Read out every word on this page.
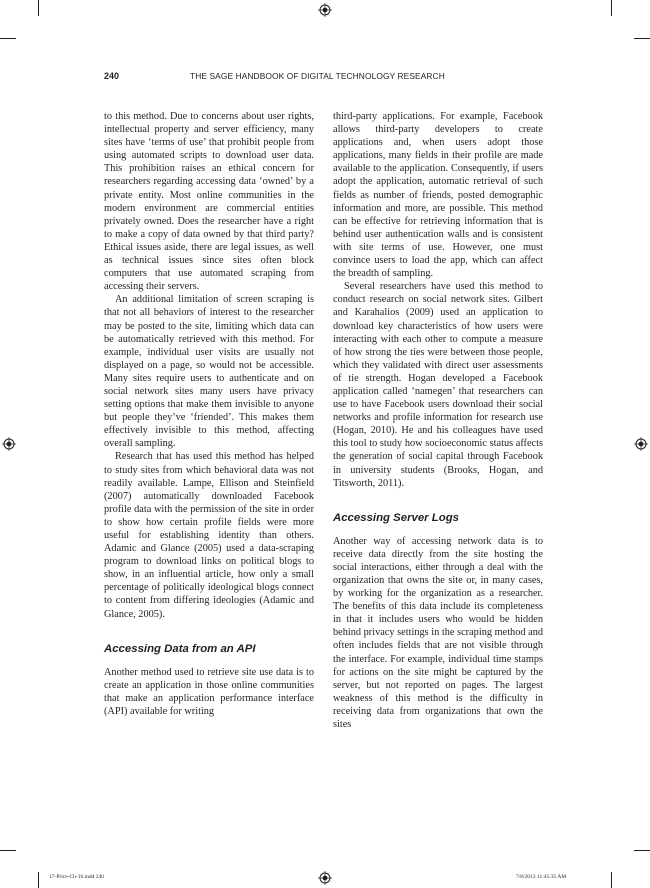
240	THE SAGE HANDBOOK OF DIGITAL TECHNOLOGY RESEARCH

to this method. Due to concerns about user rights, intellectual property and server efficiency, many sites have ‘terms of use’ that prohibit people from using automated scripts to download user data. This prohibition raises an ethical concern for researchers regarding accessing data ‘owned’ by a private entity. Most online communities in the modern environment are commercial entities privately owned. Does the researcher have a right to make a copy of data owned by that third party? Ethical issues aside, there are legal issues, as well as technical issues since sites often block computers that use automated scraping from accessing their servers.

An additional limitation of screen scraping is that not all behaviors of interest to the researcher may be posted to the site, limiting which data can be automatically retrieved with this method. For example, individual user visits are usually not displayed on a page, so would not be accessible. Many sites require users to authenticate and on social network sites many users have privacy setting options that make them invisible to anyone but people they’ve ‘friended’. This makes them effectively invisible to this method, affecting overall sampling.

Research that has used this method has helped to study sites from which behavioral data was not readily available. Lampe, Ellison and Steinfield (2007) automatically downloaded Facebook profile data with the permission of the site in order to show how certain profile fields were more useful for establishing identity than others. Adamic and Glance (2005) used a data-scraping program to download links on political blogs to show, in an influential article, how only a small percentage of politically ideological blogs connect to content from differing ideologies (Adamic and Glance, 2005).

Accessing Data from an API

Another method used to retrieve site use data is to create an application in those online communities that make an application performance interface (API) available for writing

third-party applications. For example, Facebook allows third-party developers to create applications and, when users adopt those applications, many fields in their profile are made available to the application. Consequently, if users adopt the application, automatic retrieval of such fields as number of friends, posted demographic information and more, are possible. This method can be effective for retrieving information that is behind user authentication walls and is consistent with site terms of use. However, one must convince users to load the app, which can affect the breadth of sampling.

Several researchers have used this method to conduct research on social network sites. Gilbert and Karahalios (2009) used an application to download key characteristics of how users were interacting with each other to compute a measure of how strong the ties were between those people, which they validated with direct user assessments of tie strength. Hogan developed a Facebook application called ‘namegen’ that researchers can use to have Facebook users download their social networks and profile information for research use (Hogan, 2010). He and his colleagues have used this tool to study how socioeconomic status affects the generation of social capital through Facebook in university students (Brooks, Hogan, and Titsworth, 2011).

Accessing Server Logs

Another way of accessing network data is to receive data directly from the site hosting the social interactions, either through a deal with the organization that owns the site or, in many cases, by working for the organization as a researcher. The benefits of this data include its completeness in that it includes users who would be hidden behind privacy settings in the scraping method and often includes fields that are not visible through the interface. For example, individual time stamps for actions on the site might be captured by the server, but not reported on pages. The largest weakness of this method is the difficulty in receiving data from organizations that own the sites

17-Price-Ch-16.indd 240	7/8/2013 11:45:35 AM
